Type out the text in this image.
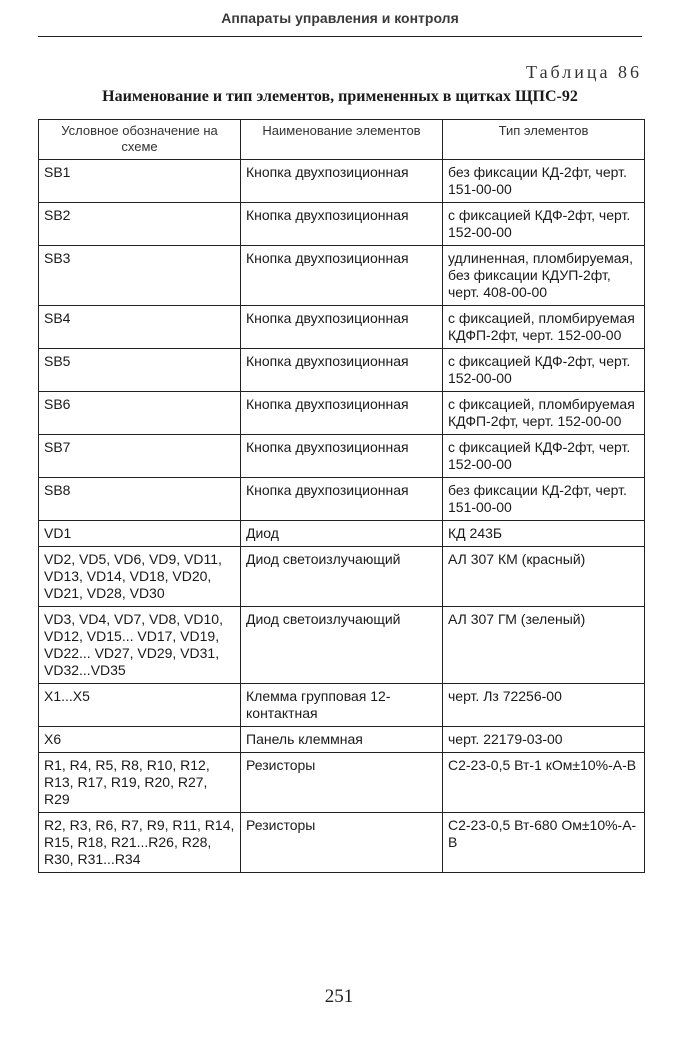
Аппараты управления и контроля
Таблица 86
Наименование и тип элементов, примененных в щитках ЩПС-92
Условное обозначение на схеме	Наименование элементов	Тип элементов
SB1	Кнопка двухпозиционная	без фиксации КД-2фт, черт. 151-00-00
SB2	Кнопка двухпозиционная	с фиксацией КДФ-2фт, черт. 152-00-00
SB3	Кнопка двухпозиционная	удлиненная, пломбируемая, без фиксации КДУП-2фт, черт. 408-00-00
SB4	Кнопка двухпозиционная	с фиксацией, пломбируемая КДФП-2фт, черт. 152-00-00
SB5	Кнопка двухпозиционная	с фиксацией КДФ-2фт, черт. 152-00-00
SB6	Кнопка двухпозиционная	с фиксацией, пломбируемая КДФП-2фт, черт. 152-00-00
SB7	Кнопка двухпозиционная	с фиксацией КДФ-2фт, черт. 152-00-00
SB8	Кнопка двухпозиционная	без фиксации КД-2фт, черт. 151-00-00
VD1	Диод	КД 243Б
VD2, VD5, VD6, VD9, VD11, VD13, VD14, VD18, VD20, VD21, VD28, VD30	Диод светоизлучающий	АЛ 307 КМ (красный)
VD3, VD4, VD7, VD8, VD10, VD12, VD15... VD17, VD19, VD22... VD27, VD29, VD31, VD32...VD35	Диод светоизлучающий	АЛ 307 ГМ (зеленый)
X1...X5	Клемма групповая 12-контактная	черт. Лз 72256-00
X6	Панель клеммная	черт. 22179-03-00
R1, R4, R5, R8, R10, R12, R13, R17, R19, R20, R27, R29	Резисторы	С2-23-0,5 Вт-1 кОм±10%-А-В
R2, R3, R6, R7, R9, R11, R14, R15, R18, R21...R26, R28, R30, R31...R34	Резисторы	С2-23-0,5 Вт-680 Ом±10%-А-В
251
